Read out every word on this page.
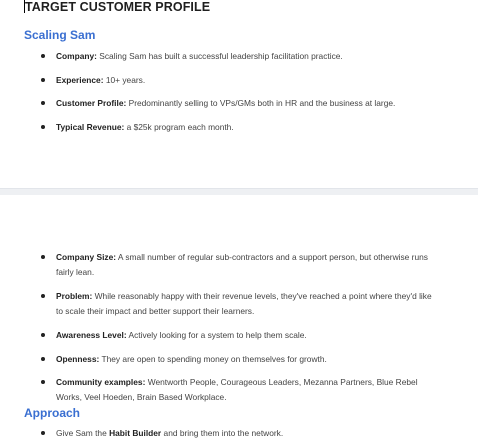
TARGET CUSTOMER PROFILE
Scaling Sam
Company: Scaling Sam has built a successful leadership facilitation practice.
Experience: 10+ years.
Customer Profile: Predominantly selling to VPs/GMs both in HR and the business at large.
Typical Revenue: a $25k program each month.
Company Size: A small number of regular sub-contractors and a support person, but otherwise runs fairly lean.
Problem: While reasonably happy with their revenue levels, they've reached a point where they'd like to scale their impact and better support their learners.
Awareness Level: Actively looking for a system to help them scale.
Openness: They are open to spending money on themselves for growth.
Community examples: Wentworth People, Courageous Leaders, Mezanna Partners, Blue Rebel Works, Veel Hoeden, Brain Based Workplace.
Approach
Give Sam the Habit Builder and bring them into the network.
